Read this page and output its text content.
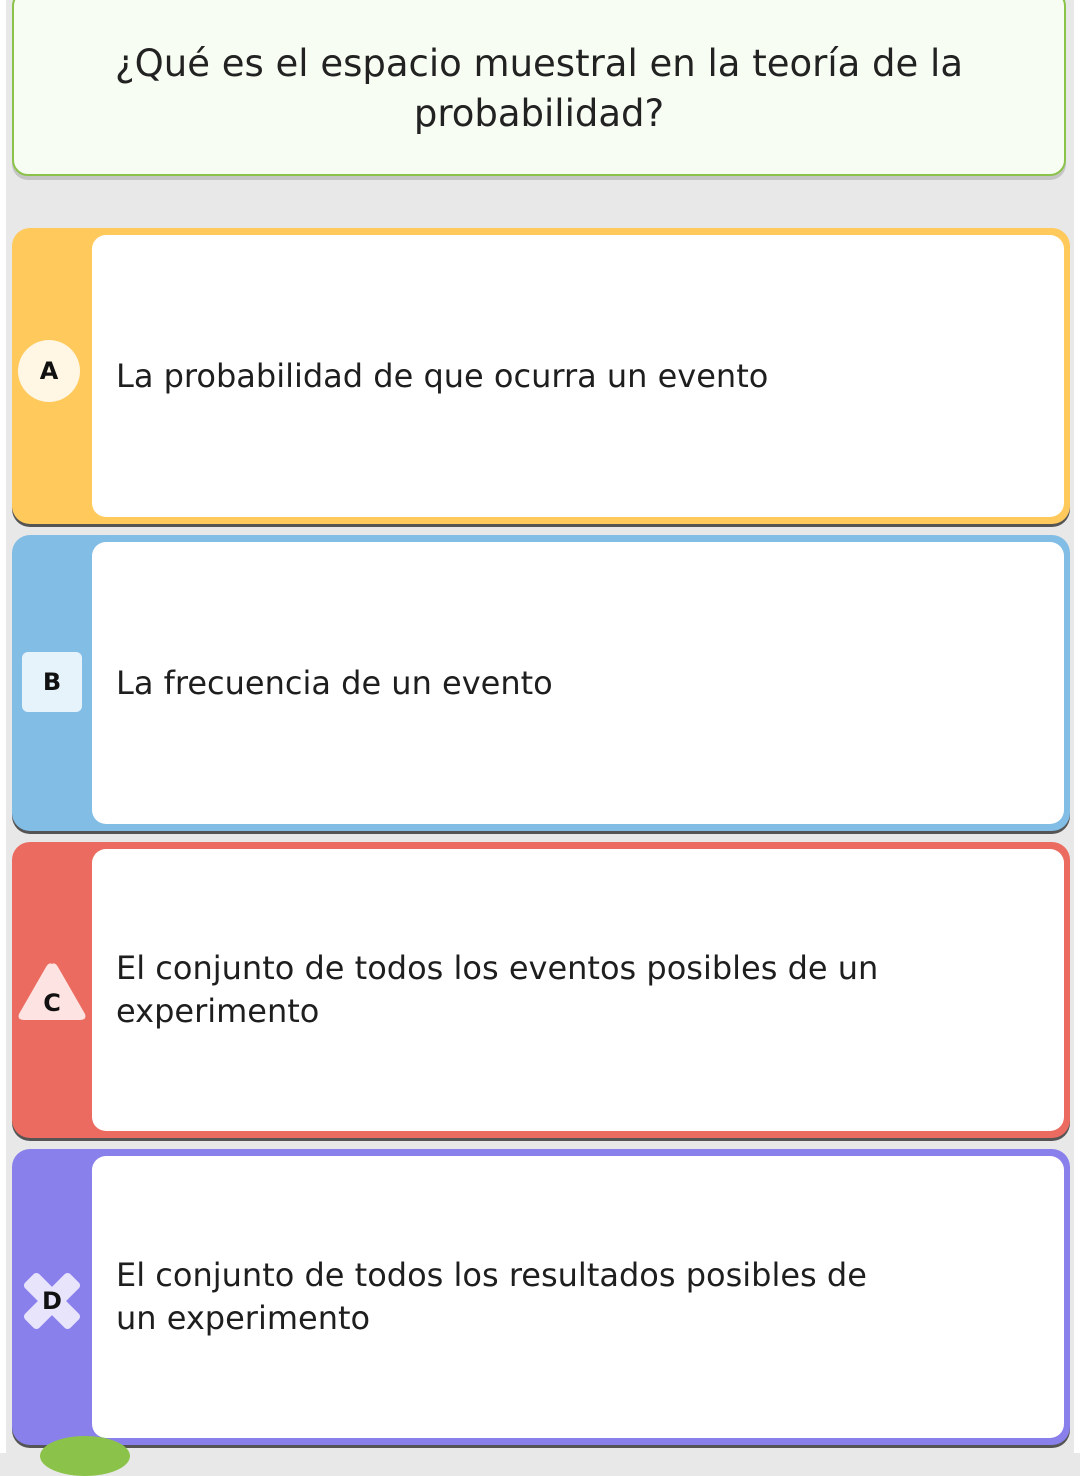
¿Qué es el espacio muestral en la teoría de la probabilidad?
A	La probabilidad de que ocurra un evento
B	La frecuencia de un evento
C
El conjunto de todos los eventos posibles de un experimento
D
El conjunto de todos los resultados posibles de un experimento
